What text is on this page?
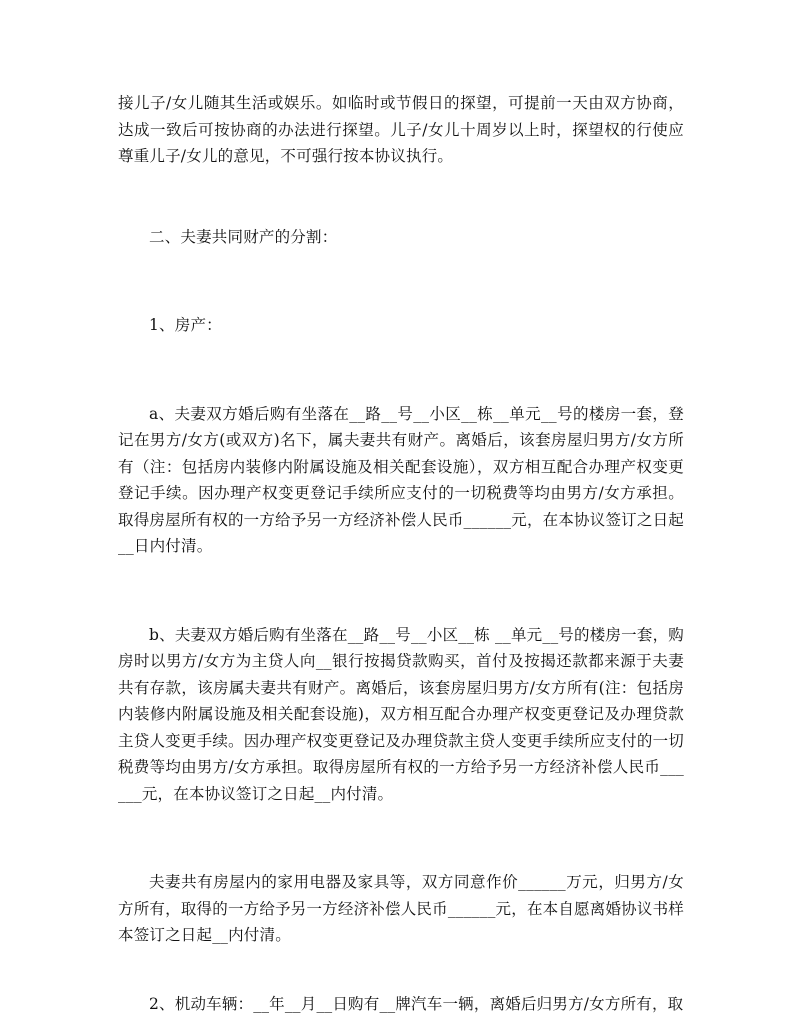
接儿子/女儿随其生活或娱乐。如临时或节假日的探望，可提前一天由双方协商，达成一致后可按协商的办法进行探望。儿子/女儿十周岁以上时，探望权的行使应尊重儿子/女儿的意见，不可强行按本协议执行。

二、夫妻共同财产的分割：

1、房产：

a、夫妻双方婚后购有坐落在__路__号__小区__栋__单元__号的楼房一套，登记在男方/女方(或双方)名下，属夫妻共有财产。离婚后，该套房屋归男方/女方所有（注：包括房内装修内附属设施及相关配套设施），双方相互配合办理产权变更登记手续。因办理产权变更登记手续所应支付的一切税费等均由男方/女方承担。取得房屋所有权的一方给予另一方经济补偿人民币______元，在本协议签订之日起__日内付清。

b、夫妻双方婚后购有坐落在__路__号__小区__栋 __单元__号的楼房一套，购房时以男方/女方为主贷人向__银行按揭贷款购买，首付及按揭还款都来源于夫妻共有存款，该房属夫妻共有财产。离婚后，该套房屋归男方/女方所有(注：包括房内装修内附属设施及相关配套设施)，双方相互配合办理产权变更登记及办理贷款主贷人变更手续。因办理产权变更登记及办理贷款主贷人变更手续所应支付的一切税费等均由男方/女方承担。取得房屋所有权的一方给予另一方经济补偿人民币______元，在本协议签订之日起__内付清。

夫妻共有房屋内的家用电器及家具等，双方同意作价______万元，归男方/女方所有，取得的一方给予另一方经济补偿人民币______元，在本自愿离婚协议书样本签订之日起__内付清。

2、机动车辆：__年__月__日购有__牌汽车一辆，离婚后归男方/女方所有，取
